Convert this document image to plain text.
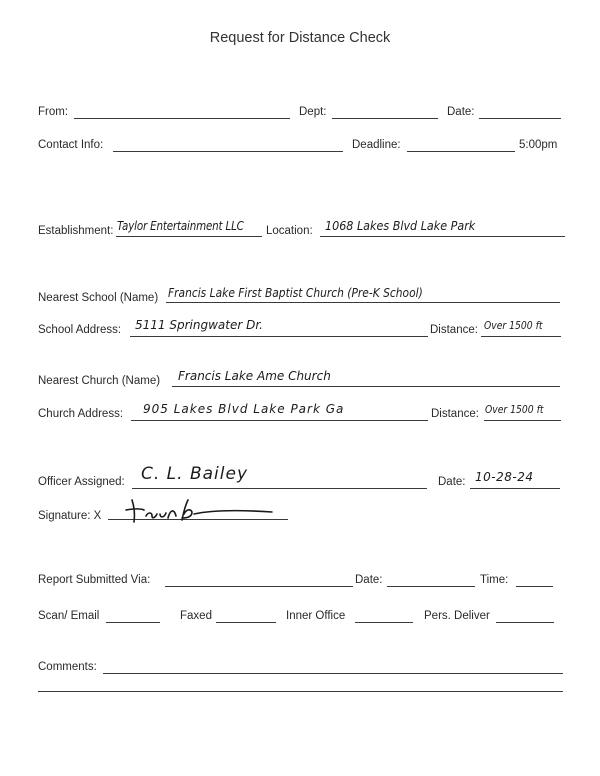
Request for Distance Check
From:	Dept:	Date:
Contact Info:	Deadline:	5:00pm
Establishment: Taylor Entertainment LLC Location: 1068 Lakes Blvd Lake Park
Nearest School (Name) Francis Lake First Baptist Church (Pre-K School)
School Address: 5111 Springwater Dr.	Distance: Over 1500 ft
Nearest Church (Name) Francis Lake Ame Church
Church Address: 905 Lakes Blvd Lake Park Ga	Distance: Over 1500 ft
Officer Assigned: C. L. Bailey	Date: 10-28-24
Signature: X
Report Submitted Via:	Date:	Time:
Scan/ Email	Faxed	Inner Office	Pers. Deliver
Comments:
